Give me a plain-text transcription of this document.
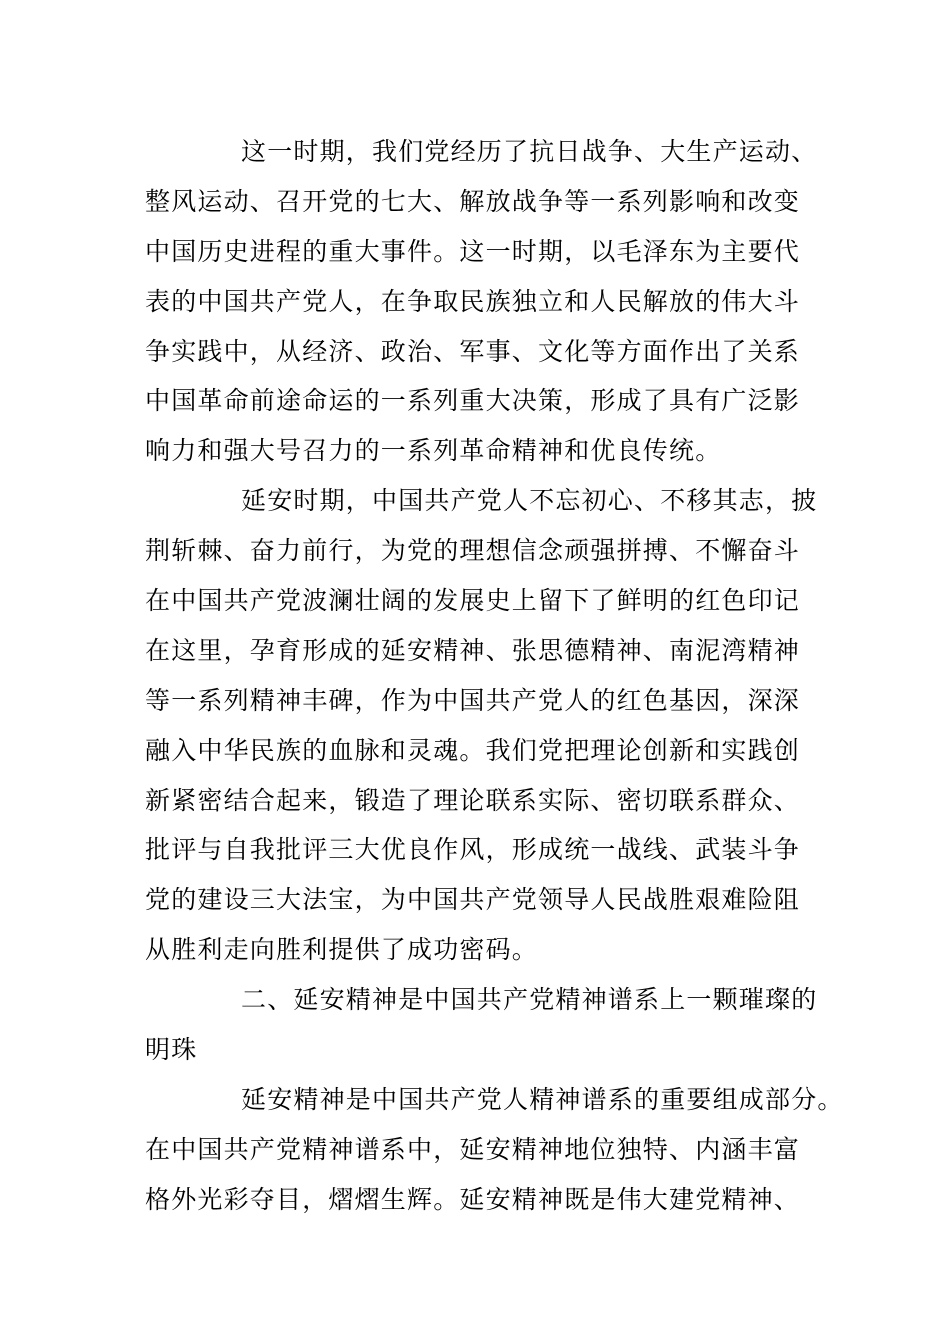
这一时期，我们党经历了抗日战争、大生产运动、
整风运动、召开党的七大、解放战争等一系列影响和改变
中国历史进程的重大事件。这一时期，以毛泽东为主要代
表的中国共产党人，在争取民族独立和人民解放的伟大斗
争实践中，从经济、政治、军事、文化等方面作出了关系
中国革命前途命运的一系列重大决策，形成了具有广泛影
响力和强大号召力的一系列革命精神和优良传统。
延安时期，中国共产党人不忘初心、不移其志，披
荆斩棘、奋力前行，为党的理想信念顽强拼搏、不懈奋斗
在中国共产党波澜壮阔的发展史上留下了鲜明的红色印记
在这里，孕育形成的延安精神、张思德精神、南泥湾精神
等一系列精神丰碑，作为中国共产党人的红色基因，深深
融入中华民族的血脉和灵魂。我们党把理论创新和实践创
新紧密结合起来，锻造了理论联系实际、密切联系群众、
批评与自我批评三大优良作风，形成统一战线、武装斗争
党的建设三大法宝，为中国共产党领导人民战胜艰难险阻
从胜利走向胜利提供了成功密码。
二、延安精神是中国共产党精神谱系上一颗璀璨的
明珠
延安精神是中国共产党人精神谱系的重要组成部分。
在中国共产党精神谱系中，延安精神地位独特、内涵丰富
格外光彩夺目，熠熠生辉。延安精神既是伟大建党精神、
